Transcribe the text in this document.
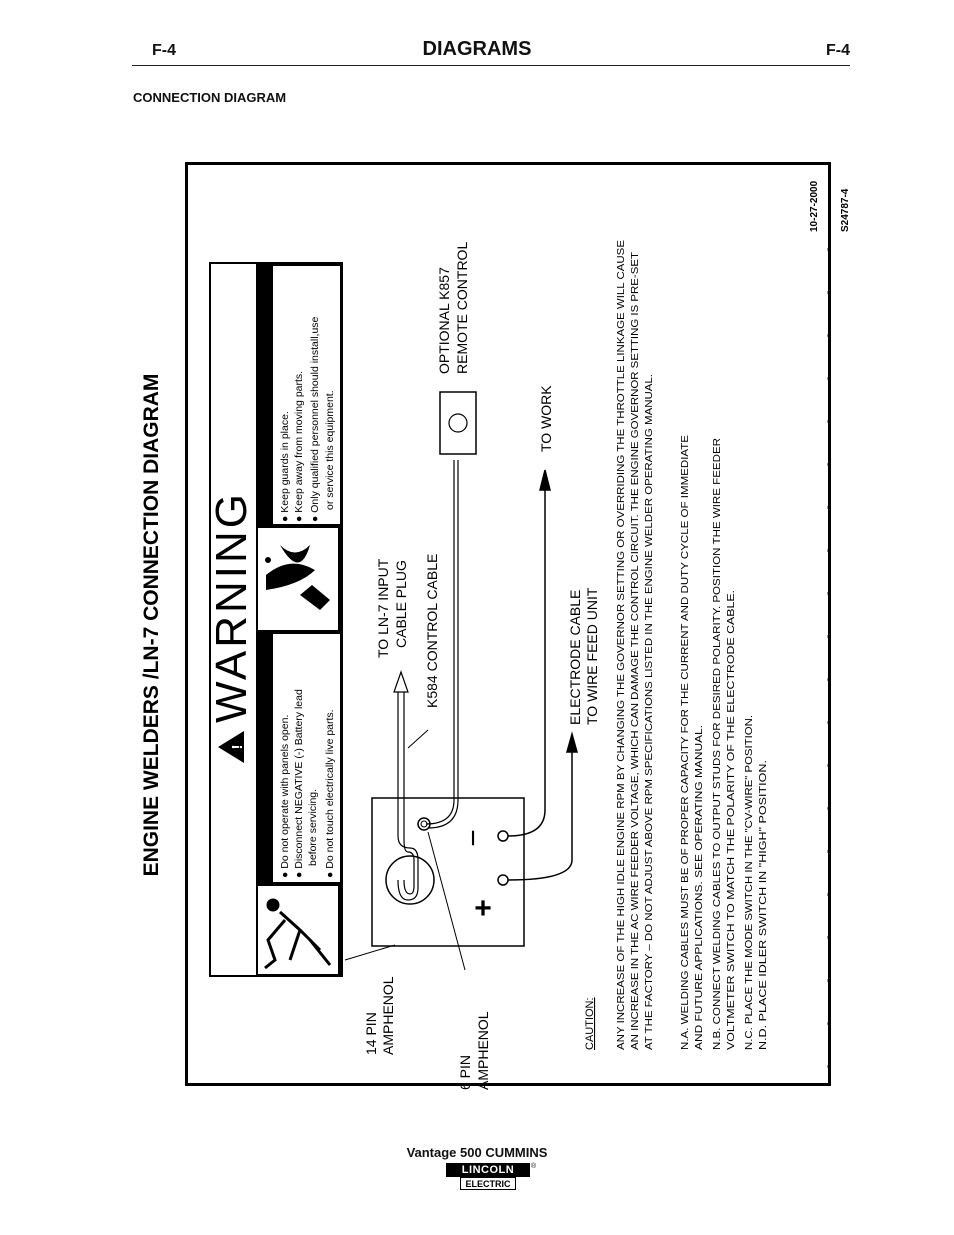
F-4	DIAGRAMS	F-4
CONNECTION DIAGRAM
ENGINE WELDERS /LN-7 CONNECTION DIAGRAM	!
WARNING
● Do not operate with panels open.
● Disconnect NEGATIVE (-) Battery lead before servicing.
● Do not touch electrically live parts.
● Keep guards in place.
● Keep away from moving parts.
● Only qualified personnel should install,use or service this equipment.
+
−
14 PIN AMPHENOL
6 PIN AMPHENOL
TO LN-7 INPUT CABLE PLUG K584 CONTROL CABLE	ELECTRODE CABLE TO WIRE FEED UNIT
TO WORK
OPTIONAL K857 REMOTE CONTROL
CAUTION: ANY INCREASE OF THE HIGH IDLE ENGINE RPM BY CHANGING THE GOVERNOR SETTING OR OVERRIDING THE THROTTLE LINKAGE WILL CAUSE AN INCREASE IN THE AC WIRE FEEDER VOLTAGE, WHICH CAN DAMAGE THE CONTROL CIRCUIT. THE ENGINE GOVERNOR SETTING IS PRE-SET AT THE FACTORY – DO NOT ADJUST ABOVE RPM SPECIFICATIONS LISTED IN THE ENGINE WELDER OPERATING MANUAL. N.A. WELDING CABLES MUST BE OF PROPER CAPACITY FOR THE CURRENT AND DUTY CYCLE OF IMMEDIATE AND FUTURE APPLICATIONS. SEE OPERATING MANUAL. N.B. CONNECT WELDING CABLES TO OUTPUT STUDS FOR DESIRED POLARITY. POSITION THE WIRE FEEDER VOLTMETER SWITCH TO MATCH THE POLARITY OF THE ELECTRODE CABLE. N.C. PLACE THE MODE SWITCH IN THE "CV-WIRE" POSITION. N.D. PLACE IDLER SWITCH IN "HIGH" POSITION.
10-27-2000 S24787-4
Vantage 500 CUMMINS
LINCOLN
ELECTRIC
®
